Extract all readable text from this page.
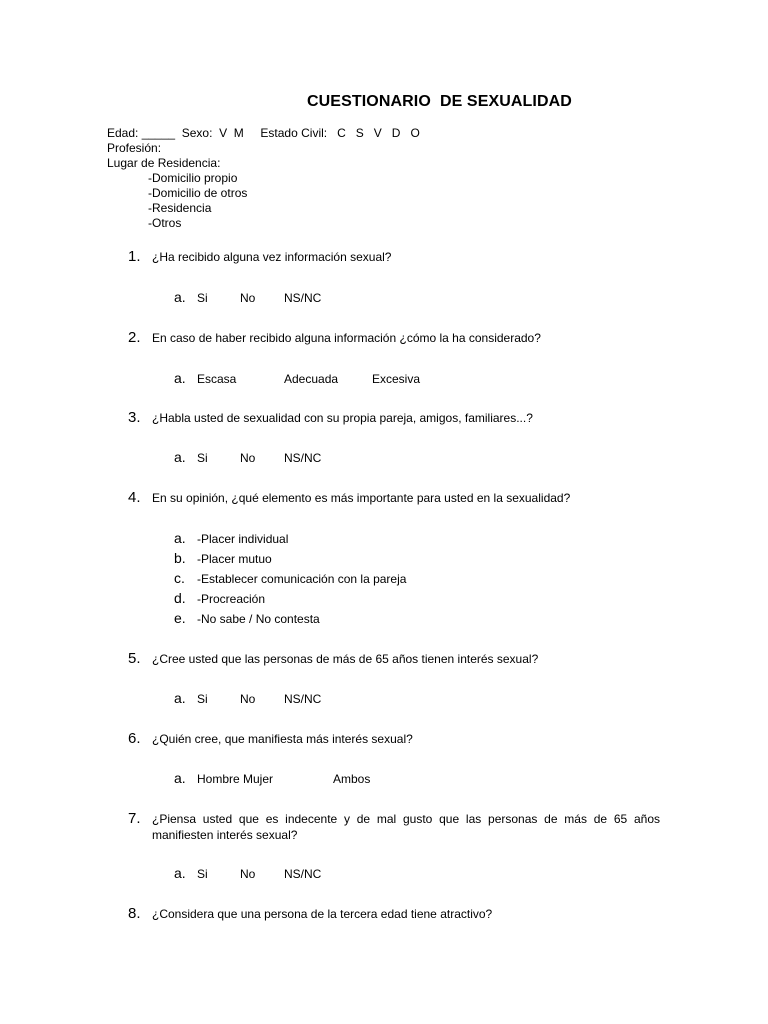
CUESTIONARIO  DE SEXUALIDAD
Edad: _____  Sexo:  V  M     Estado Civil:   C   S   V   D   O
Profesión:
Lugar de Residencia:
-Domicilio propio
-Domicilio de otros
-Residencia
-Otros
1. ¿Ha recibido alguna vez información sexual?
a. Si	No NS/NC
2. En caso de haber recibido alguna información ¿cómo la ha considerado?
a. Escasa	Adecuada	Excesiva
3. ¿Habla usted de sexualidad con su propia pareja, amigos, familiares...?
a. Si	No NS/NC
4. En su opinión, ¿qué elemento es más importante para usted en la sexualidad?
a. -Placer individual
b. -Placer mutuo
c. -Establecer comunicación con la pareja
d. -Procreación
e. -No sabe / No contesta
5. ¿Cree usted que las personas de más de 65 años tienen interés sexual?
a. Si	No NS/NC
6. ¿Quién cree, que manifiesta más interés sexual?
a. Hombre Mujer	Ambos
7. ¿Piensa usted que es indecente y de mal gusto que las personas de más de 65 años manifiesten interés sexual?
a. Si	No NS/NC
8. ¿Considera que una persona de la tercera edad tiene atractivo?
